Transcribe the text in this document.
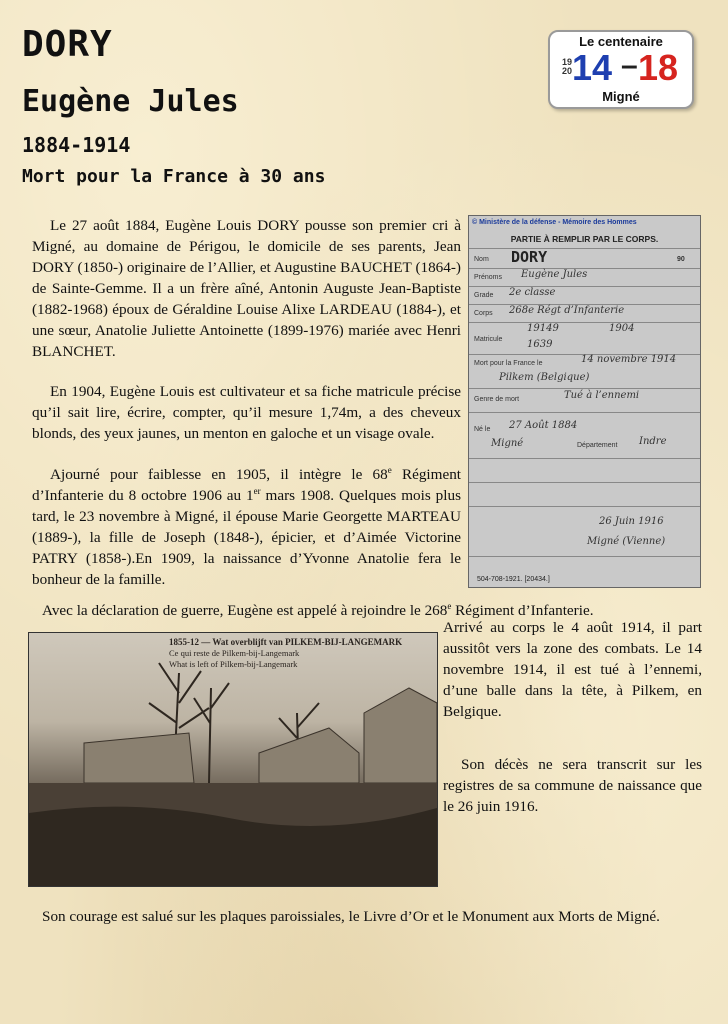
DORY
Eugène Jules
1884-1914
Mort pour la France à 30 ans
Le centenaire
19
20 14 – 18
Migné

Le 27 août 1884, Eugène Louis DORY pousse son premier cri à Migné, au domaine de Périgou, le domicile de ses parents, Jean DORY (1850-) originaire de l’Allier, et Augustine BAUCHET (1864-) de Sainte-Gemme. Il a un frère aîné, Antonin Auguste Jean-Baptiste (1882-1968) époux de Géraldine Louise Alixe LARDEAU (1884-), et une sœur, Anatolie Juliette Antoinette (1899-1976) mariée avec Henri BLANCHET.

En 1904, Eugène Louis est cultivateur et sa fiche matricule précise qu’il sait lire, écrire, compter, qu’il mesure 1,74m, a des cheveux blonds, des yeux jaunes, un menton en galoche et un visage ovale.

Ajourné pour faiblesse en 1905, il intègre le 68e Régiment d’Infanterie du 8 octobre 1906 au 1er mars 1908. Quelques mois plus tard, le 23 novembre à Migné, il épouse Marie Georgette MARTEAU (1889-), la fille de Joseph (1848-), épicier, et d’Aimée Victorine PATRY (1858-).En 1909, la naissance d’Yvonne Anatolie fera le bonheur de la famille.

Avec la déclaration de guerre, Eugène est appelé à rejoindre le 268e Régiment d’Infanterie.

Arrivé au corps le 4 août 1914, il part aussitôt vers la zone des combats. Le 14 novembre 1914, il est tué à l’ennemi, d’une balle dans la tête, à Pilkem, en Belgique.

Son décès ne sera transcrit sur les registres de sa commune de naissance que le 26 juin 1916.

Son courage est salué sur les plaques paroissiales, le Livre d’Or et le Monument aux Morts de Migné.

© Ministère de la défense - Mémoire des Hommes
PARTIE À REMPLIR PAR LE CORPS.
Nom DORY	90
Prénoms Eugène Jules
Grade 2e classe
Corps 268e Régt d’Infanterie
Matricule
19149	1904
1639
Mort pour la France le	14 novembre 1914
Pilkem (Belgique)
Genre de mort	Tué à l’ennemi
Né le 27 Août 1884
Migné	Département Indre
26 Juin 1916
Migné (Vienne)
504-708-1921. [20434.]
1855-12 — Wat overblijft van PILKEM-BIJ-LANGEMARK
Ce qui reste de Pilkem-bij-Langemark
What is left of Pilkem-bij-Langemark
